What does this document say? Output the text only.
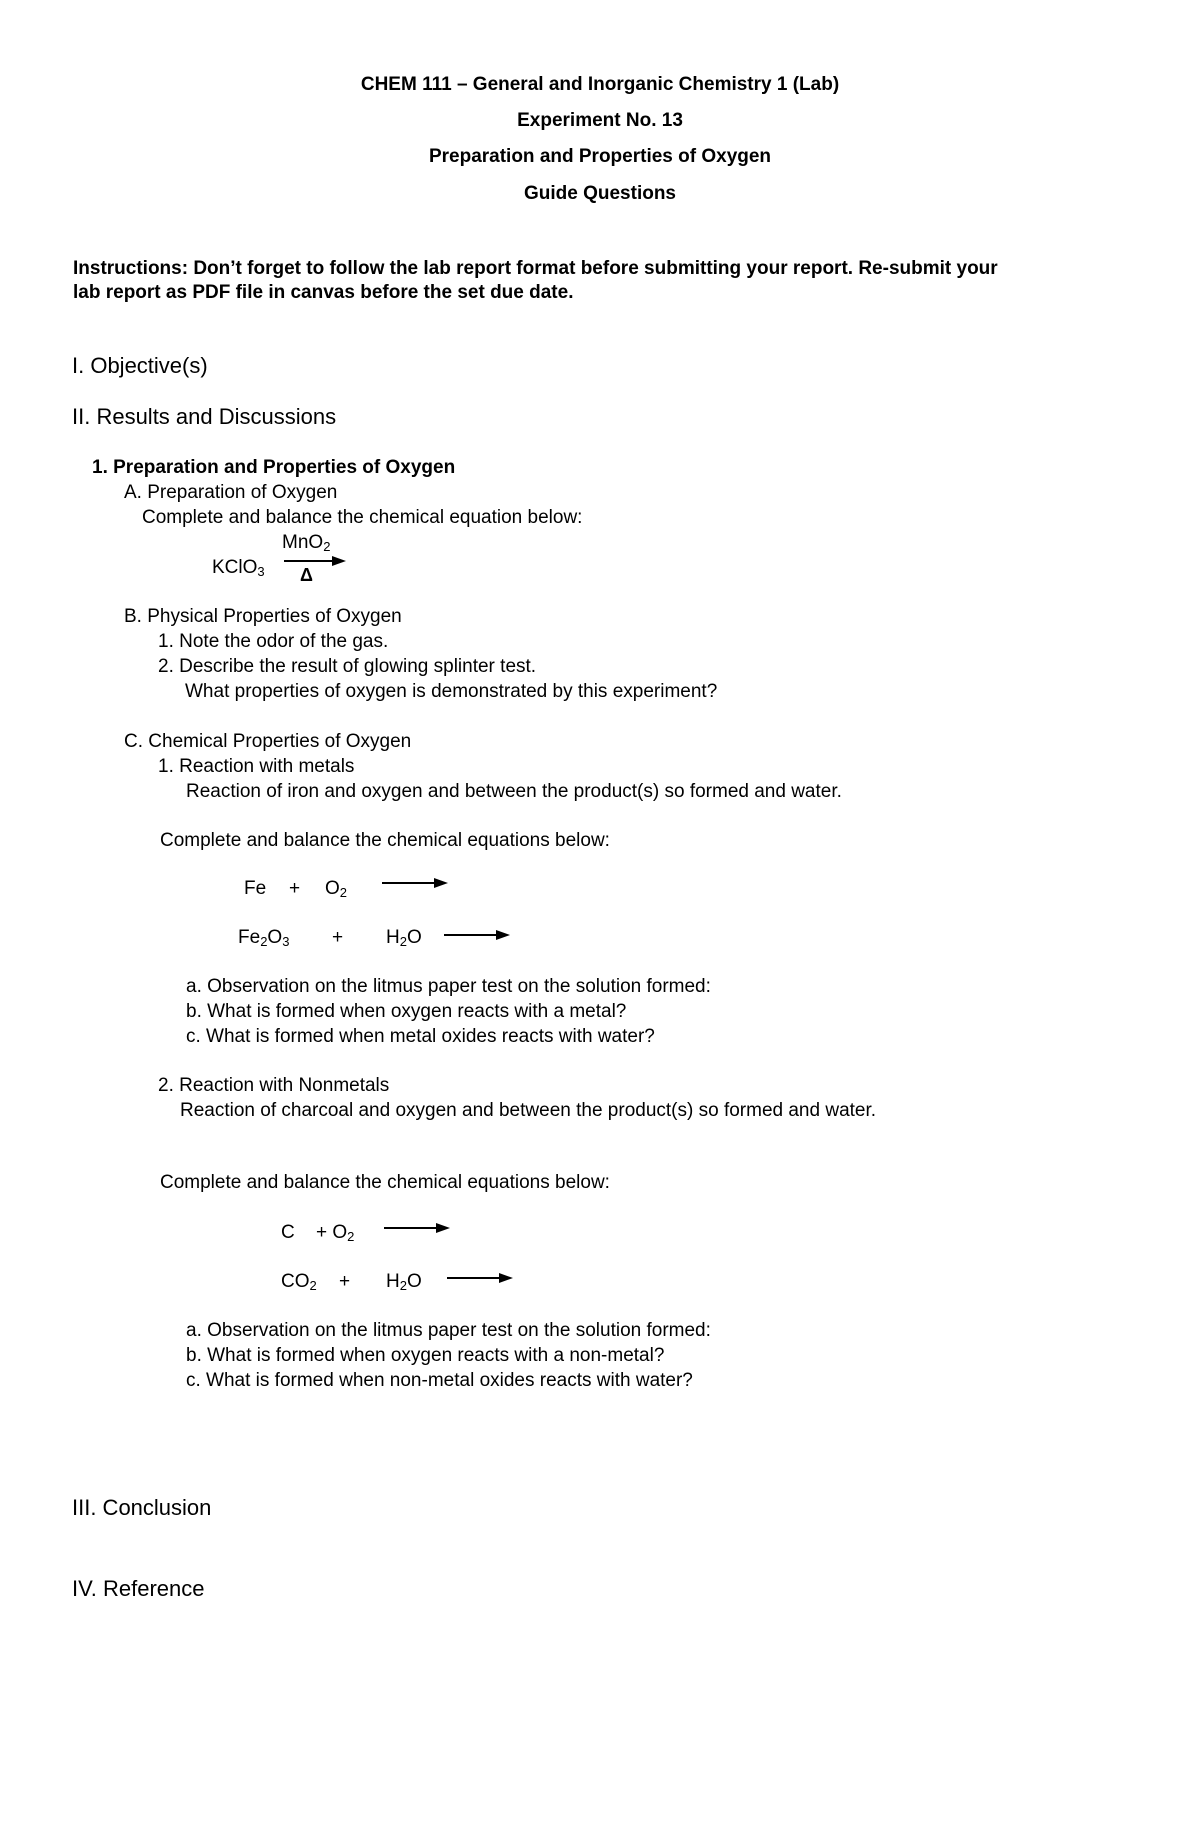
CHEM 111 – General and Inorganic Chemistry 1 (Lab)
Experiment No. 13
Preparation and Properties of Oxygen
Guide Questions
Instructions: Don’t forget to follow the lab report format before submitting your report. Re-submit your
lab report as PDF file in canvas before the set due date.
I. Objective(s)
II. Results and Discussions
1. Preparation and Properties of Oxygen
A. Preparation of Oxygen
Complete and balance the chemical equation below:
MnO$_2$
KClO$_3$ Δ
B. Physical Properties of Oxygen
1. Note the odor of the gas.
2. Describe the result of glowing splinter test.
What properties of oxygen is demonstrated by this experiment?
C. Chemical Properties of Oxygen
1. Reaction with metals
Reaction of iron and oxygen and between the product(s) so formed and water.
Complete and balance the chemical equations below:
$Fe + O_2$
$Fe_2O_3 + H_2O$
a. Observation on the litmus paper test on the solution formed:
b. What is formed when oxygen reacts with a metal?
c. What is formed when metal oxides reacts with water?
2. Reaction with Nonmetals
Reaction of charcoal and oxygen and between the product(s) so formed and water.
Complete and balance the chemical equations below:
$C + O_2$
$CO_2 + H_2O$
a. Observation on the litmus paper test on the solution formed:
b. What is formed when oxygen reacts with a non-metal?
c. What is formed when non-metal oxides reacts with water?
III. Conclusion
IV. Reference
